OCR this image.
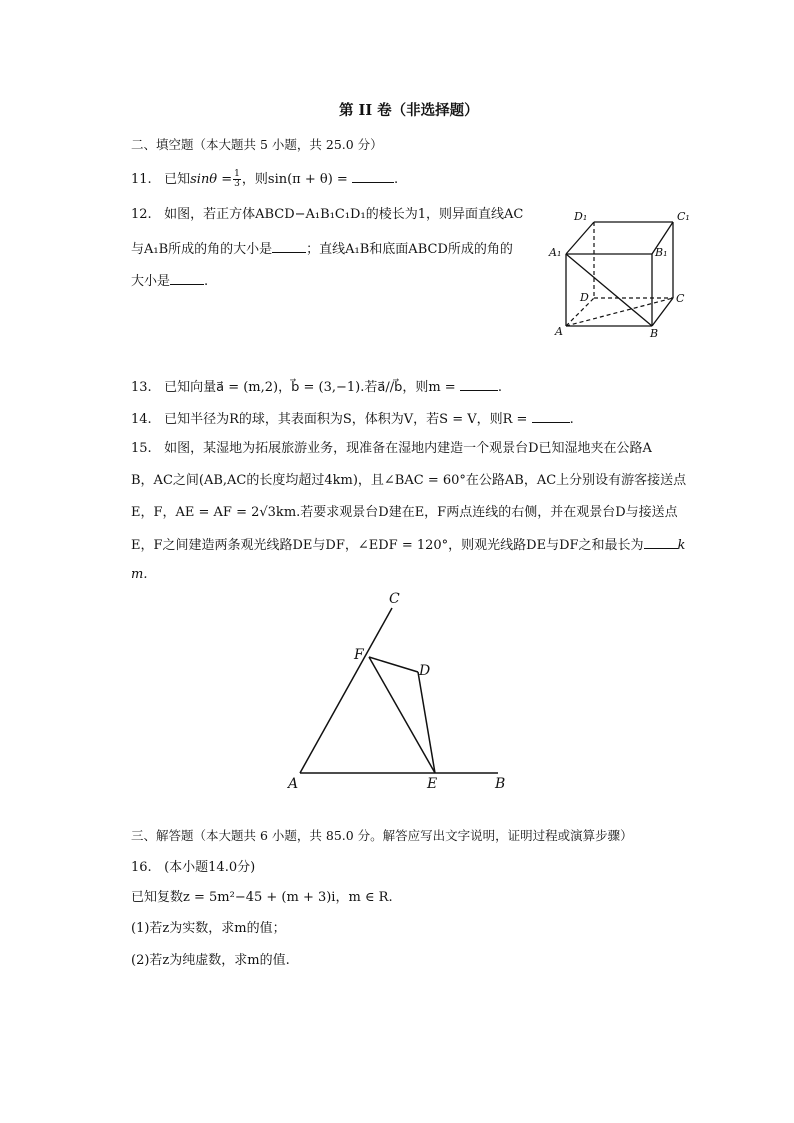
第 II 卷（非选择题）
二、填空题（本大题共 5 小题，共 25.0 分）
11. 已知$\sin\theta = \frac{1}{3}$ ，则sin(π + θ) =	.
12. 如图，若正方体ABCD−A₁B₁C₁D₁的棱长为1，则异面直线AC
与A₁B所成的角的大小是	；直线A₁B和底面ABCD所成的角的
大小是	.
D₁	C₁
A₁	B₁
D	C
A	B
13. 已知向量a⃗ = (m,2)，b⃗ = (3,−1).若a⃗//b⃗，则m =	.
14. 已知半径为R的球，其表面积为S，体积为V，若S = V，则R =	.
15. 如图，某湿地为拓展旅游业务，现准备在湿地内建造一个观景台D已知湿地夹在公路A
B，AC之间(AB,AC的长度均超过4km)，且∠BAC = 60°在公路AB，AC上分别设有游客接送点
E，F，AE = AF = 2√3km.若要求观景台D建在E，F两点连线的右侧，并在观景台D与接送点
E，F之间建造两条观光线路DE与DF，∠EDF = 120°，则观光线路DE与DF之和最长为	k
m.
C
F
D
A	E	B
三、解答题（本大题共 6 小题，共 85.0 分。解答应写出文字说明，证明过程或演算步骤）
16. (本小题14.0分)
已知复数z = 5m²−45 + (m + 3)i，m ∈ R.
(1)若z为实数，求m的值；
(2)若z为纯虚数，求m的值.
